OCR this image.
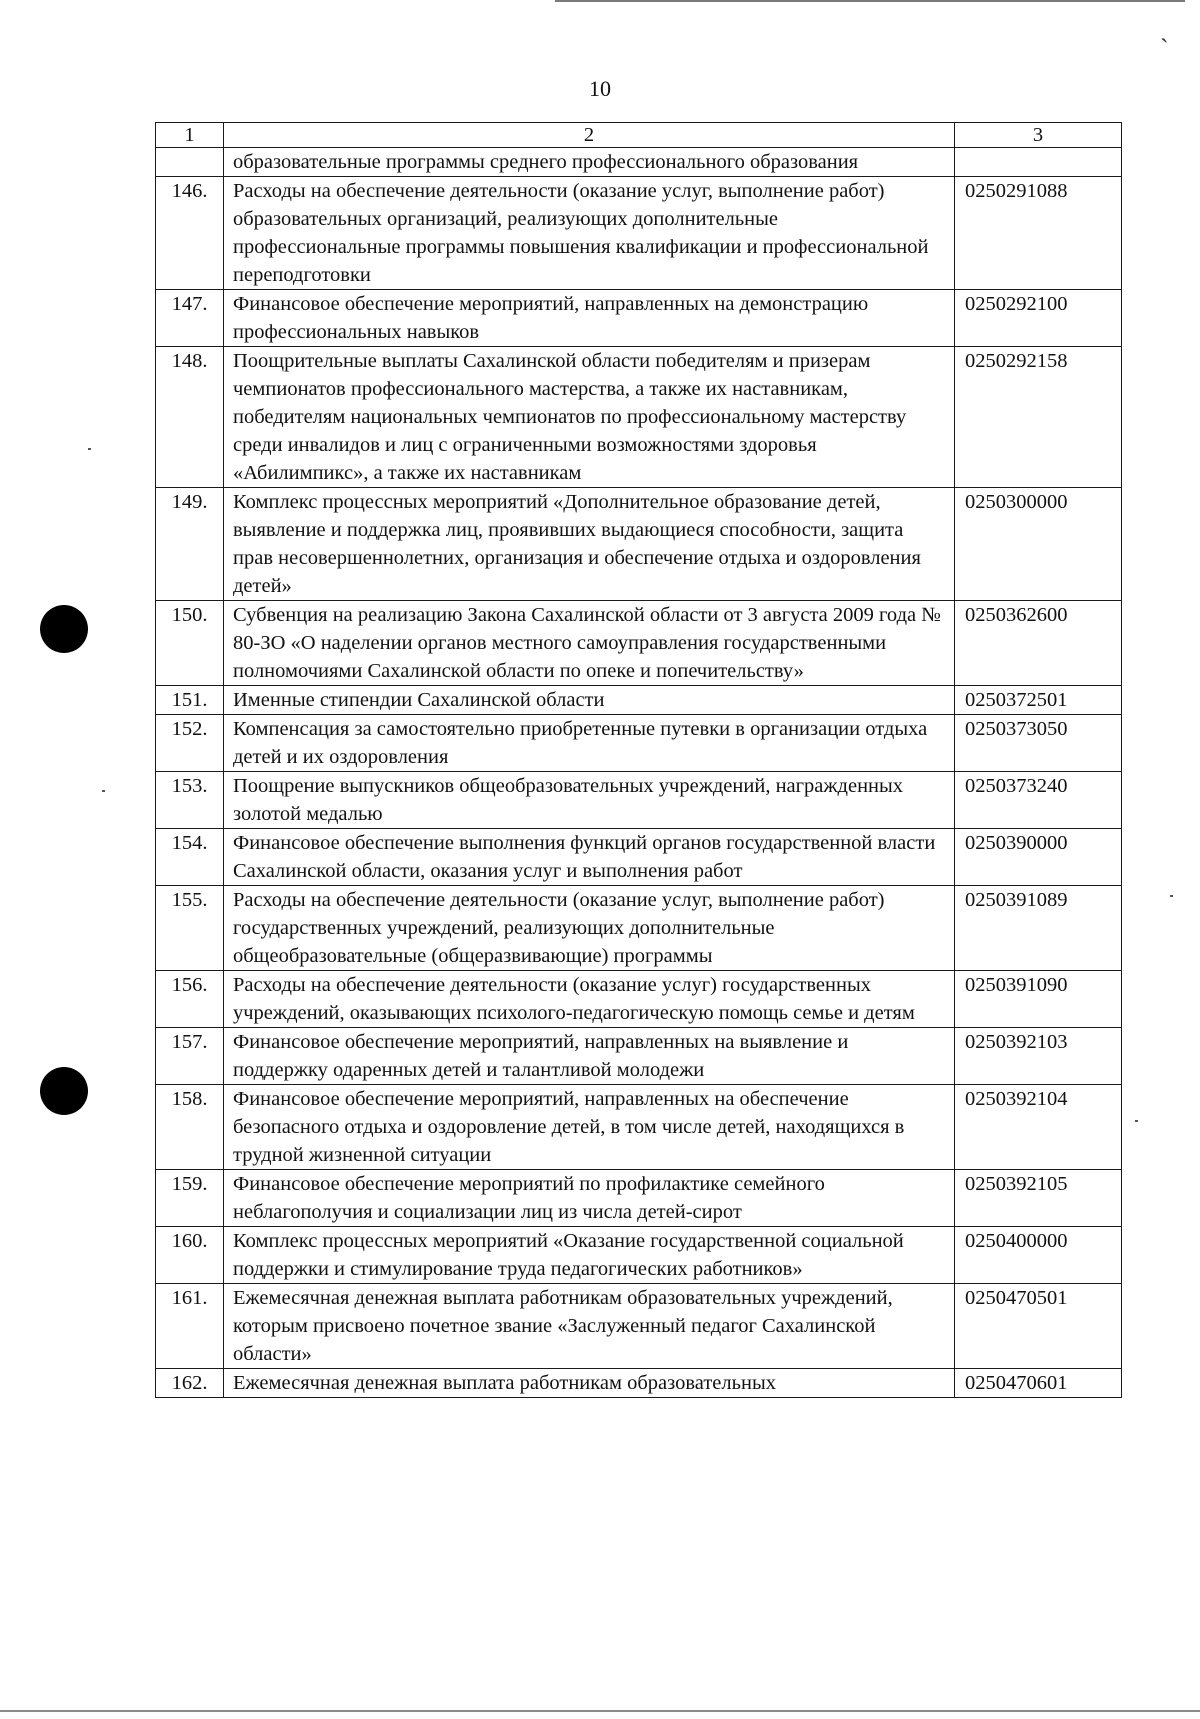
ˏ
10
1	2	3
	образовательные программы среднего профессионального образования	
146.	Расходы на обеспечение деятельности (оказание услуг, выполнение работ) образовательных организаций, реализующих дополнительные профессиональные программы повышения квалификации и профессиональной переподготовки	0250291088
147.	Финансовое обеспечение мероприятий, направленных на демонстрацию профессиональных навыков	0250292100
148.	Поощрительные выплаты Сахалинской области победителям и призерам чемпионатов профессионального мастерства, а также их наставникам, победителям национальных чемпионатов по профессиональному мастерству среди инвалидов и лиц с ограниченными возможностями здоровья «Абилимпикс», а также их наставникам	0250292158
149.	Комплекс процессных мероприятий «Дополнительное образование детей, выявление и поддержка лиц, проявивших выдающиеся способности, защита прав несовершеннолетних, организация и обеспечение отдыха и оздоровления детей»	0250300000
150.	Субвенция на реализацию Закона Сахалинской области от 3 августа 2009 года № 80-ЗО «О наделении органов местного самоуправления государственными полномочиями Сахалинской области по опеке и попечительству»	0250362600
151.	Именные стипендии Сахалинской области	0250372501
152.	Компенсация за самостоятельно приобретенные путевки в организации отдыха детей и их оздоровления	0250373050
153.	Поощрение выпускников общеобразовательных учреждений, награжденных золотой медалью	0250373240
154.	Финансовое обеспечение выполнения функций органов государственной власти Сахалинской области, оказания услуг и выполнения работ	0250390000
155.	Расходы на обеспечение деятельности (оказание услуг, выполнение работ) государственных учреждений, реализующих дополнительные общеобразовательные (общеразвивающие) программы	0250391089
156.	Расходы на обеспечение деятельности (оказание услуг) государственных учреждений, оказывающих психолого-педагогическую помощь семье и детям	0250391090
157.	Финансовое обеспечение мероприятий, направленных на выявление и поддержку одаренных детей и талантливой молодежи	0250392103
158.	Финансовое обеспечение мероприятий, направленных на обеспечение безопасного отдыха и оздоровление детей, в том числе детей, находящихся в трудной жизненной ситуации	0250392104
159.	Финансовое обеспечение мероприятий по профилактике семейного неблагополучия и социализации лиц из числа детей-сирот	0250392105
160.	Комплекс процессных мероприятий «Оказание государственной социальной поддержки и стимулирование труда педагогических работников»	0250400000
161.	Ежемесячная денежная выплата работникам образовательных учреждений, которым присвоено почетное звание «Заслуженный педагог Сахалинской области»	0250470501
162.	Ежемесячная денежная выплата работникам образовательных	0250470601
